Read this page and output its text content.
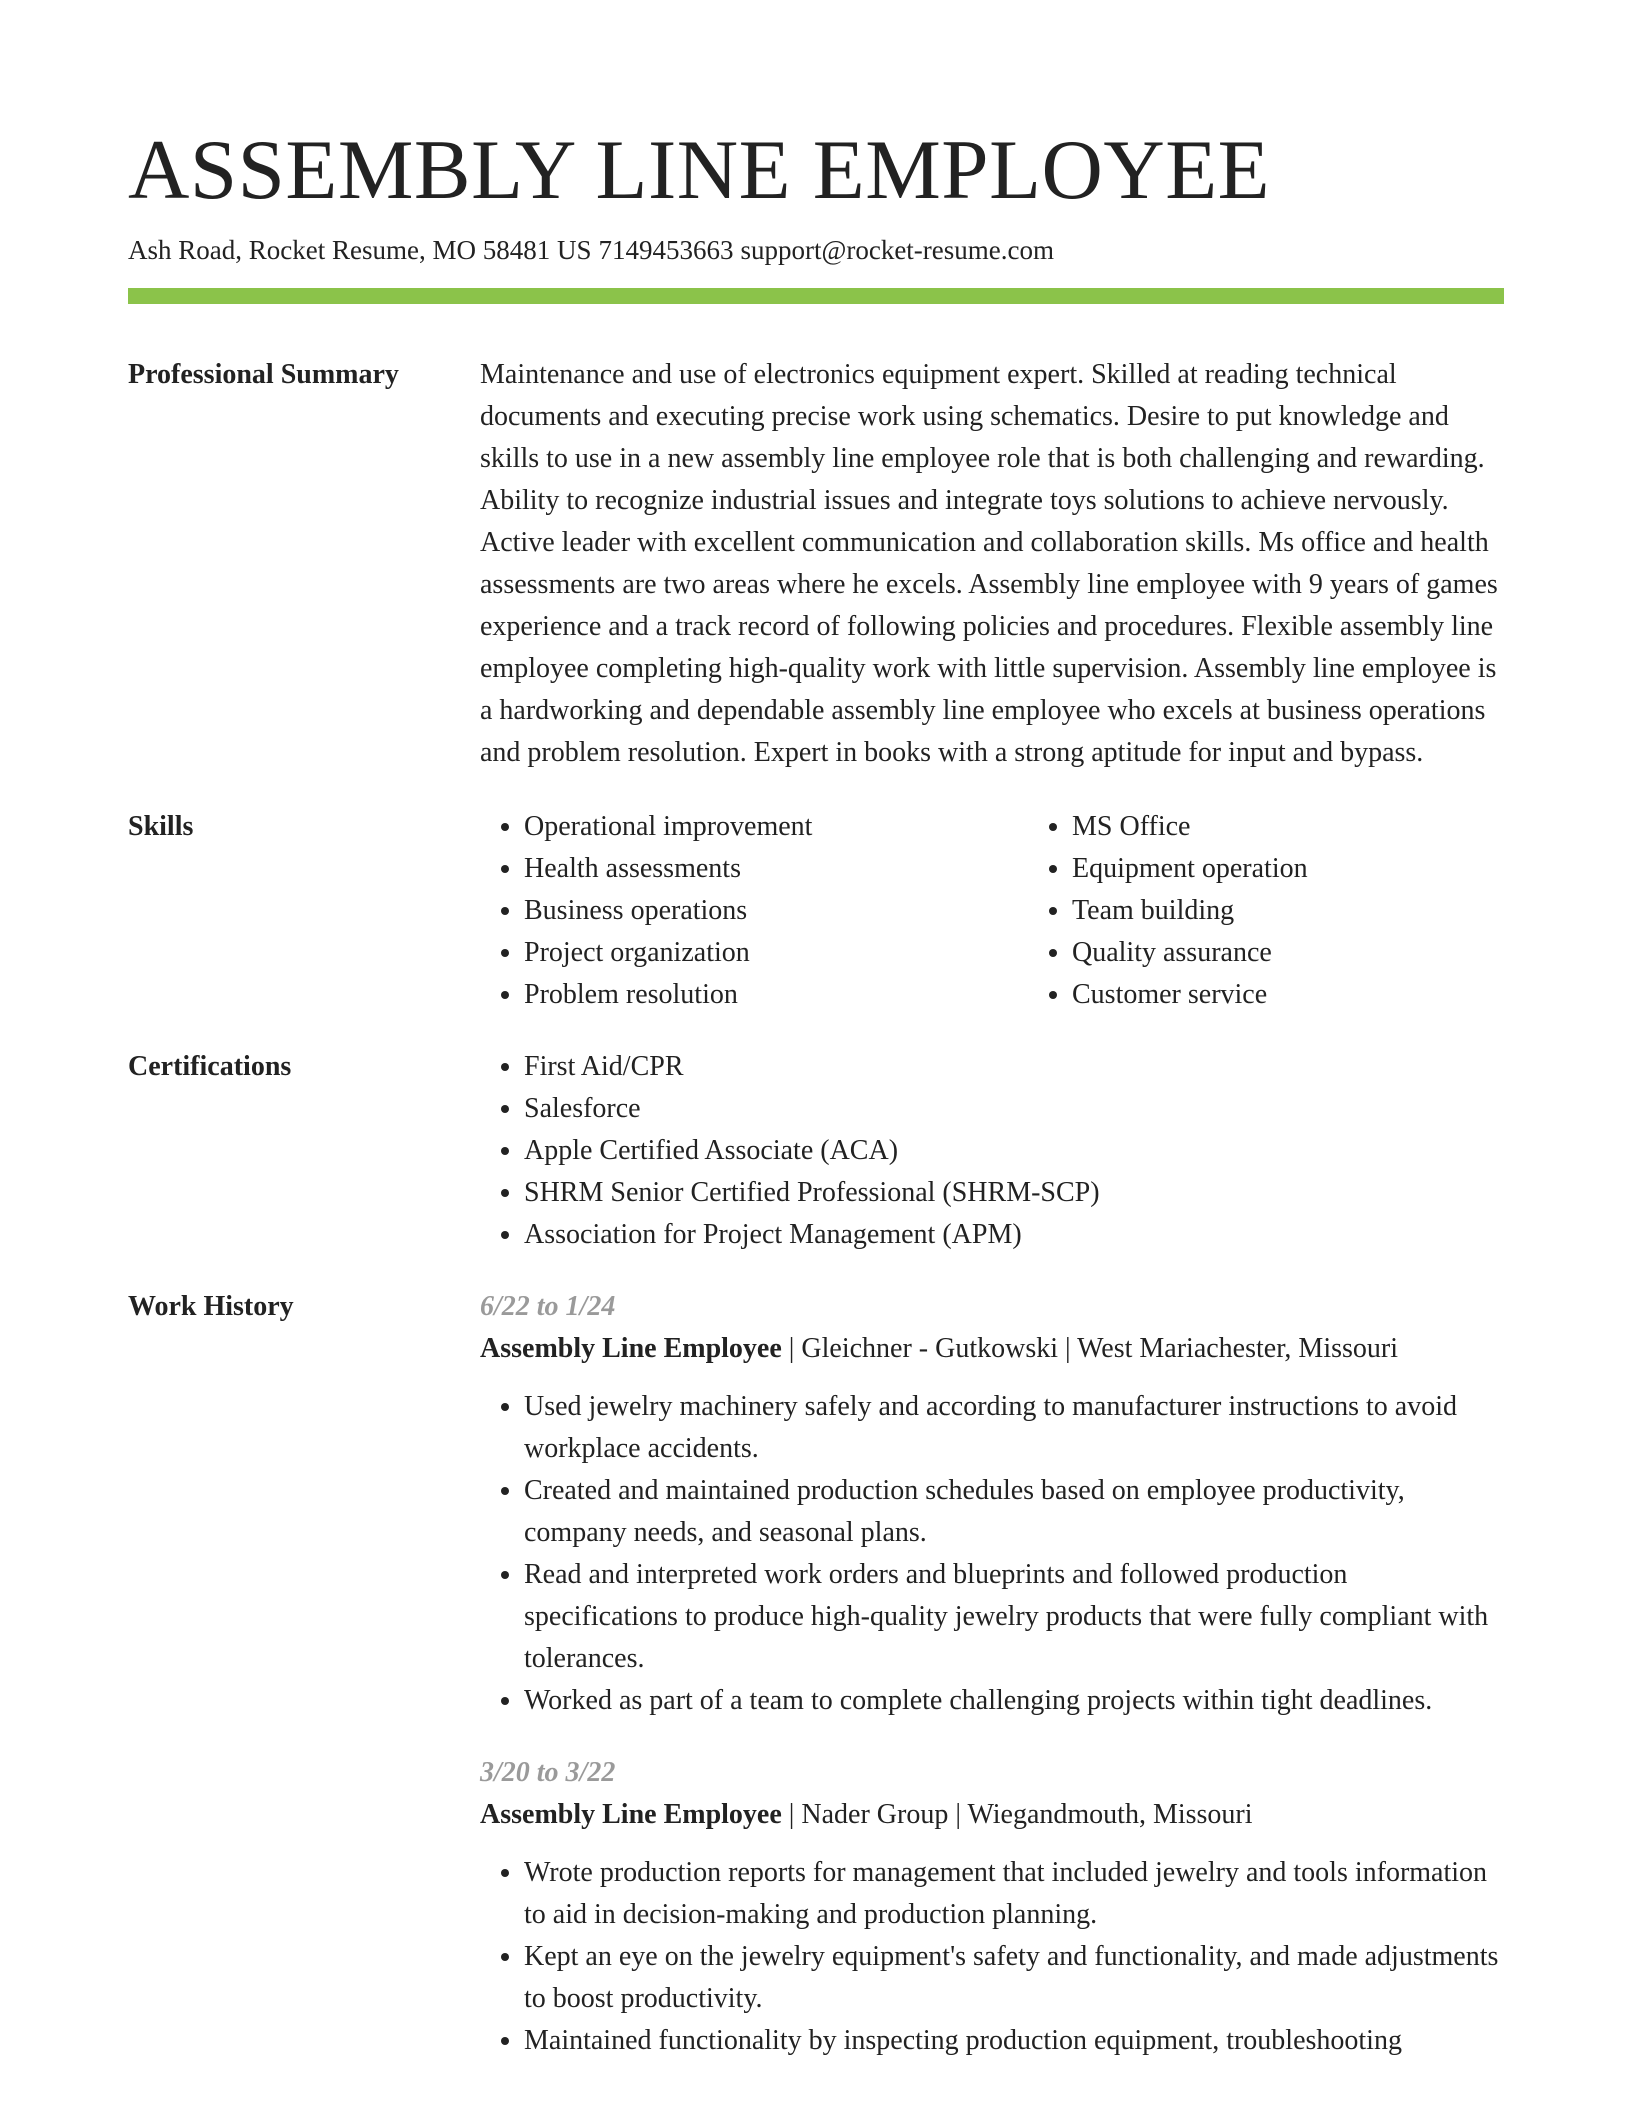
ASSEMBLY LINE EMPLOYEE
Ash Road, Rocket Resume, MO 58481 US 7149453663 support@rocket-resume.com
Professional Summary	Maintenance and use of electronics equipment expert. Skilled at reading technical documents and executing precise work using schematics. Desire to put knowledge and skills to use in a new assembly line employee role that is both challenging and rewarding. Ability to recognize industrial issues and integrate toys solutions to achieve nervously. Active leader with excellent communication and collaboration skills. Ms office and health assessments are two areas where he excels. Assembly line employee with 9 years of games experience and a track record of following policies and procedures. Flexible assembly line employee completing high-quality work with little supervision. Assembly line employee is a hardworking and dependable assembly line employee who excels at business operations and problem resolution. Expert in books with a strong aptitude for input and bypass.

Skills	• Operational improvement
• Health assessments
• Business operations
• Project organization
• Problem resolution
• MS Office
• Equipment operation
• Team building
• Quality assurance
• Customer service
Certifications	• First Aid/CPR
• Salesforce
• Apple Certified Associate (ACA)
• SHRM Senior Certified Professional (SHRM-SCP)
• Association for Project Management (APM)
Work History	6/22 to 1/24
Assembly Line Employee | Gleichner - Gutkowski | West Mariachester, Missouri
• Used jewelry machinery safely and according to manufacturer instructions to avoid workplace accidents.
• Created and maintained production schedules based on employee productivity, company needs, and seasonal plans.
• Read and interpreted work orders and blueprints and followed production specifications to produce high-quality jewelry products that were fully compliant with tolerances.
• Worked as part of a team to complete challenging projects within tight deadlines.
3/20 to 3/22
Assembly Line Employee | Nader Group | Wiegandmouth, Missouri
• Wrote production reports for management that included jewelry and tools information to aid in decision-making and production planning.
• Kept an eye on the jewelry equipment's safety and functionality, and made adjustments to boost productivity.
• Maintained functionality by inspecting production equipment, troubleshooting
